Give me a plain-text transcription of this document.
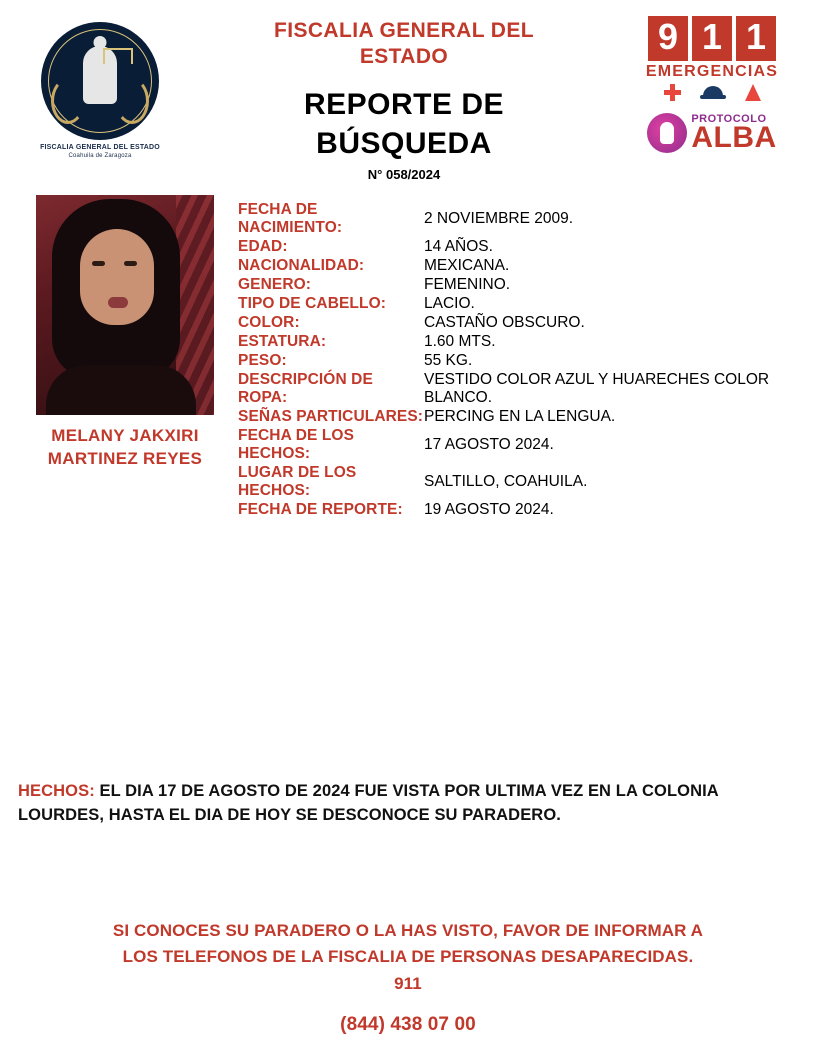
FISCALIA GENERAL DEL ESTADO
Coahuila de Zaragoza
FISCALIA GENERAL DEL
ESTADO
REPORTE DE
BÚSQUEDA
N° 058/2024
9 1 1
EMERGENCIAS
PROTOCOLO
ALBA
MELANY JAKXIRI
MARTINEZ REYES
FECHA DE NACIMIENTO:
2 NOVIEMBRE 2009.
EDAD:	14 AÑOS.
NACIONALIDAD:	MEXICANA.
GENERO:	FEMENINO.
TIPO DE CABELLO:	LACIO.
COLOR:	CASTAÑO OBSCURO.
ESTATURA:	1.60 MTS.
PESO:	55 KG.
DESCRIPCIÓN DE ROPA:
VESTIDO COLOR AZUL Y HUARECHES COLOR BLANCO.
SEÑAS PARTICULARES: PERCING EN LA LENGUA.
FECHA DE LOS HECHOS:
17 AGOSTO 2024.
LUGAR DE LOS HECHOS:
SALTILLO, COAHUILA.
FECHA DE REPORTE:	19 AGOSTO 2024.
HECHOS: EL DIA 17 DE AGOSTO DE 2024 FUE VISTA POR ULTIMA VEZ EN LA COLONIA LOURDES, HASTA EL DIA DE HOY SE DESCONOCE SU PARADERO.
SI CONOCES SU PARADERO O LA HAS VISTO, FAVOR DE INFORMAR A
LOS TELEFONOS DE LA FISCALIA DE PERSONAS DESAPARECIDAS.
911
(844) 438 07 00
